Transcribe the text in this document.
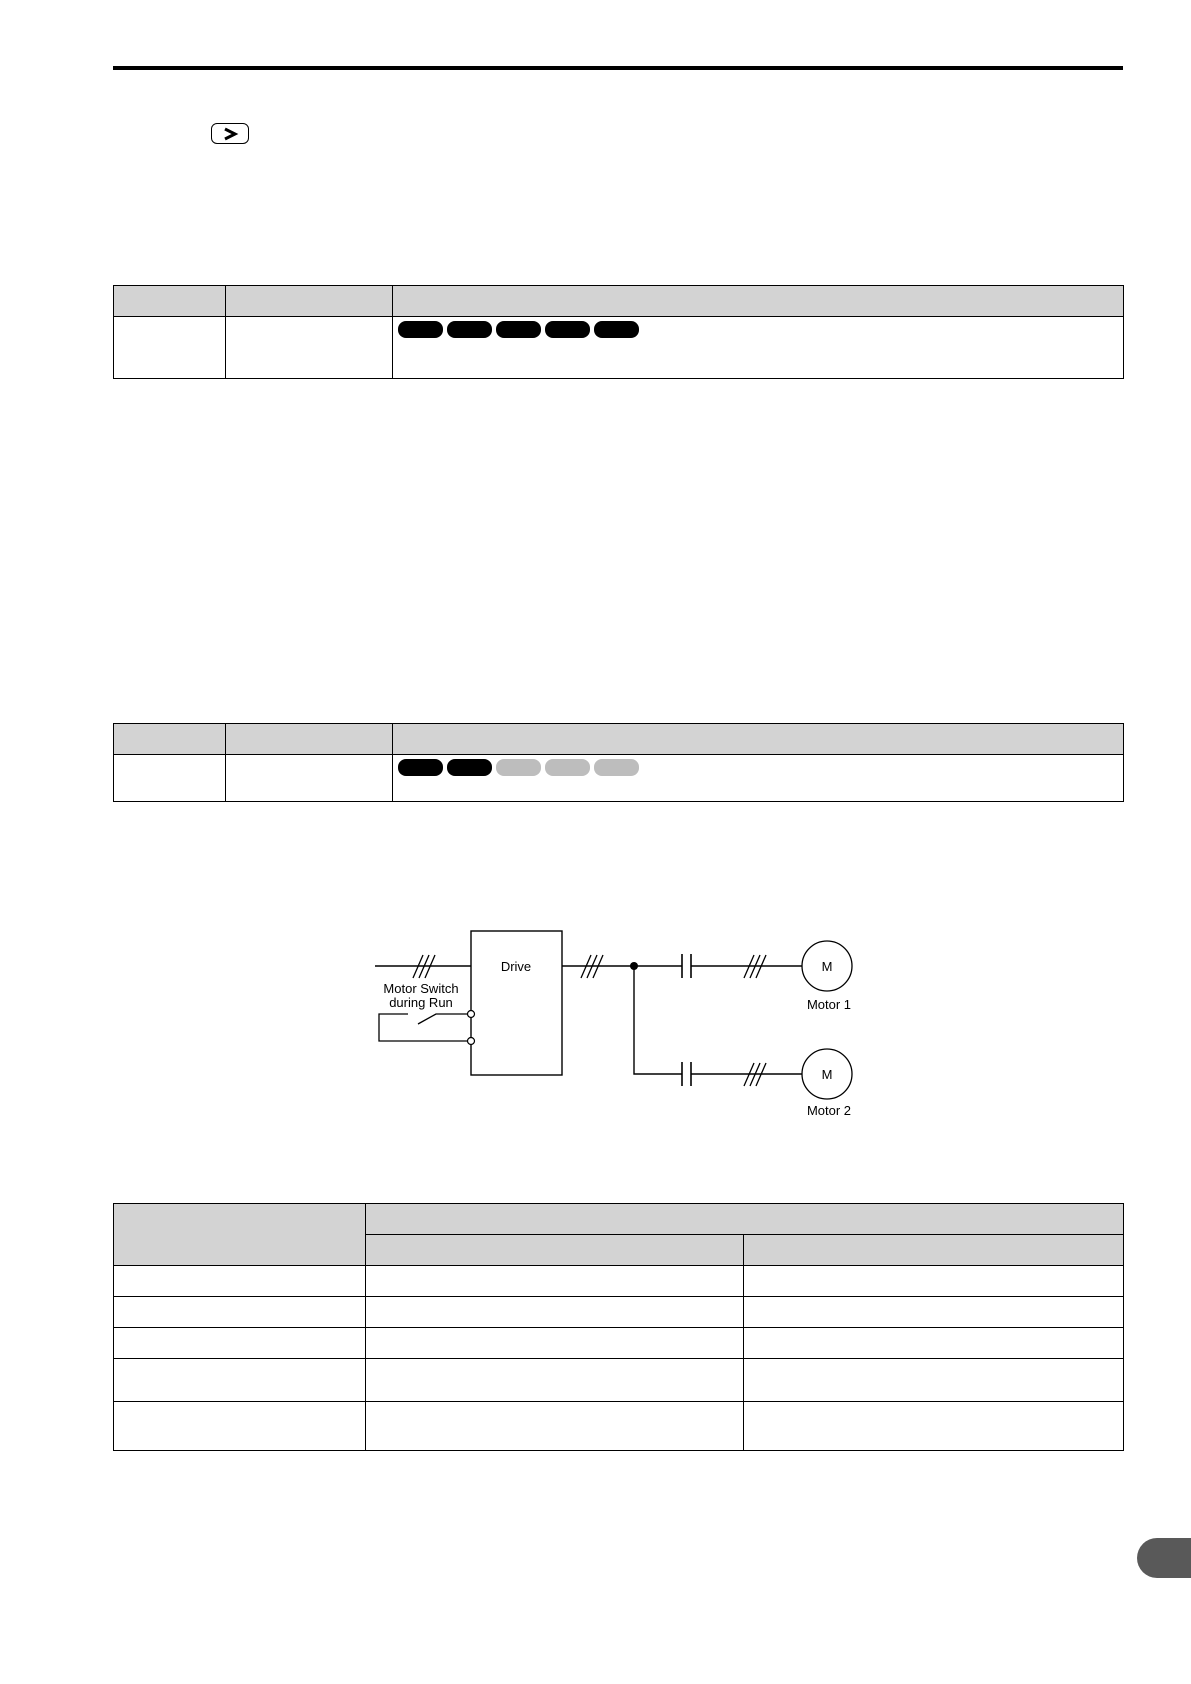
Drive
Motor Switch
during Run
M
Motor 1
M
Motor 2
